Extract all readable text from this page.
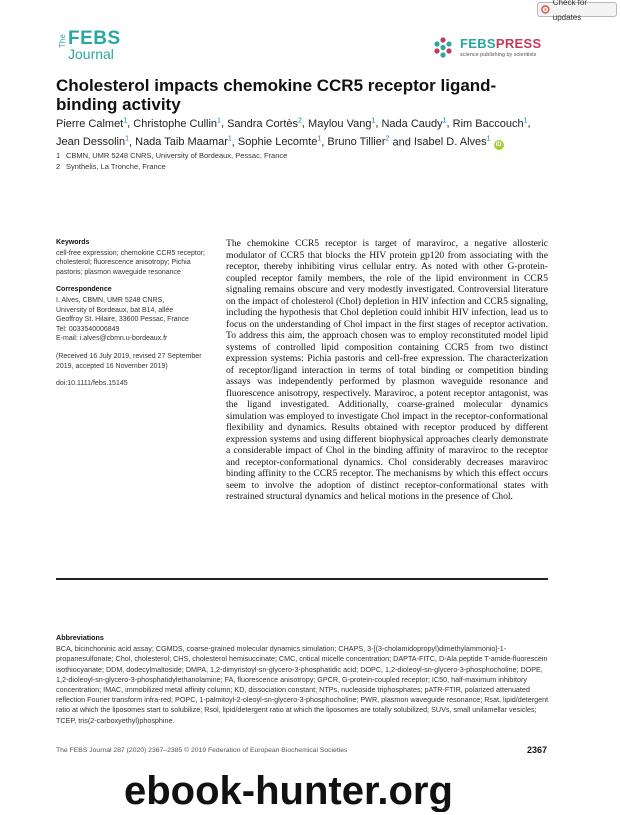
Check for updates
The FEBS
Journal
FEBSPRESS
science publishing by scientists
Cholesterol impacts chemokine CCR5 receptor ligand-binding activity
Pierre Calmet$^1$, Christophe Cullin$^1$, Sandra Cortès$^2$, Maylou Vang$^1$, Nada Caudy$^1$, Rim Baccouch$^1$,
Jean Dessolin$^1$, Nada Taib Maamar$^1$, Sophie Lecomte$^1$, Bruno Tillier$^2$ and Isabel D. Alves$^1$ iD
1 CBMN, UMR 5248 CNRS, University of Bordeaux, Pessac, France
2 Synthelis, La Tronche, France
Keywords
cell-free expression; chemokine CCR5 receptor; cholesterol; fluorescence anisotropy; Pichia pastoris; plasmon waveguide resonance
Correspondence
I. Alves, CBMN, UMR 5248 CNRS,
University of Bordeaux, bat B14, allée
Geoffroy St. Hilaire, 33600 Pessac, France
Tel: 0033540006849
E-mail: i.alves@cbmn.u-bordeaux.fr
(Received 16 July 2019, revised 27 September 2019, accepted 16 November 2019)
doi:10.1111/febs.15145
The chemokine CCR5 receptor is target of maraviroc, a negative allosteric modulator of CCR5 that blocks the HIV protein gp120 from associating with the receptor, thereby inhibiting virus cellular entry. As noted with other G-protein-coupled receptor family members, the role of the lipid environment in CCR5 signaling remains obscure and very modestly investigated. Controversial literature on the impact of cholesterol (Chol) depletion in HIV infection and CCR5 signaling, including the hypothesis that Chol depletion could inhibit HIV infection, lead us to focus on the understanding of Chol impact in the first stages of receptor activation. To address this aim, the approach chosen was to employ reconstituted model lipid systems of controlled lipid composition containing CCR5 from two distinct expression systems: Pichia pastoris and cell-free expression. The characterization of receptor/ligand interaction in terms of total binding or competition binding assays was independently performed by plasmon waveguide resonance and fluorescence anisotropy, respectively. Maraviroc, a potent receptor antagonist, was the ligand investigated. Additionally, coarse-grained molecular dynamics simulation was employed to investigate Chol impact in the receptor-conformational flexibility and dynamics. Results obtained with receptor produced by different expression systems and using different biophysical approaches clearly demonstrate a considerable impact of Chol in the binding affinity of maraviroc to the receptor and receptor-conformational dynamics. Chol considerably decreases maraviroc binding affinity to the CCR5 receptor. The mechanisms by which this effect occurs seem to involve the adoption of distinct receptor-conformational states with restrained structural dynamics and helical motions in the presence of Chol.
Abbreviations
BCA, bicinchoninic acid assay; CGMDS, coarse-grained molecular dynamics simulation; CHAPS, 3-[(3-cholamidopropyl)dimethylammonio]-1-propanesulfonate; Chol, cholesterol; CHS, cholesterol hemisuccinate; CMC, critical micelle concentration; DAPTA-FITC, D-Ala peptide T-amide-fluorescein isothiocyanate; DDM, dodecylmaltoside; DMPA, 1,2-dimyristoyl-sn-glycero-3-phosphatidic acid; DOPC, 1,2-dioleoyl-sn-glycero-3-phosphocholine; DOPE, 1,2-dioleoyl-sn-glycero-3-phosphatidylethanolamine; FA, fluorescence anisotropy; GPCR, G-protein-coupled receptor; IC50, half-maximum inhibitory concentration; IMAC, immobilized metal affinity column; KD, dissociation constant; NTPs, nucleoside triphosphates; pATR-FTIR, polarized attenuated reflection Fourier transform infra-red; POPC, 1-palmitoyl-2-oleoyl-sn-glycero-3-phosphocholine; PWR, plasmon waveguide resonance; Rsat, lipid/detergent ratio at which the liposomes start to solubilize; Rsol, lipid/detergent ratio at which the liposomes are totally solubilized; SUVs, small unilamellar vesicles; TCEP, tris(2-carboxyethyl)phosphine.
The FEBS Journal 287 (2020) 2367–2385 © 2019 Federation of European Biochemical Societies	2367
ebook-hunter.org
